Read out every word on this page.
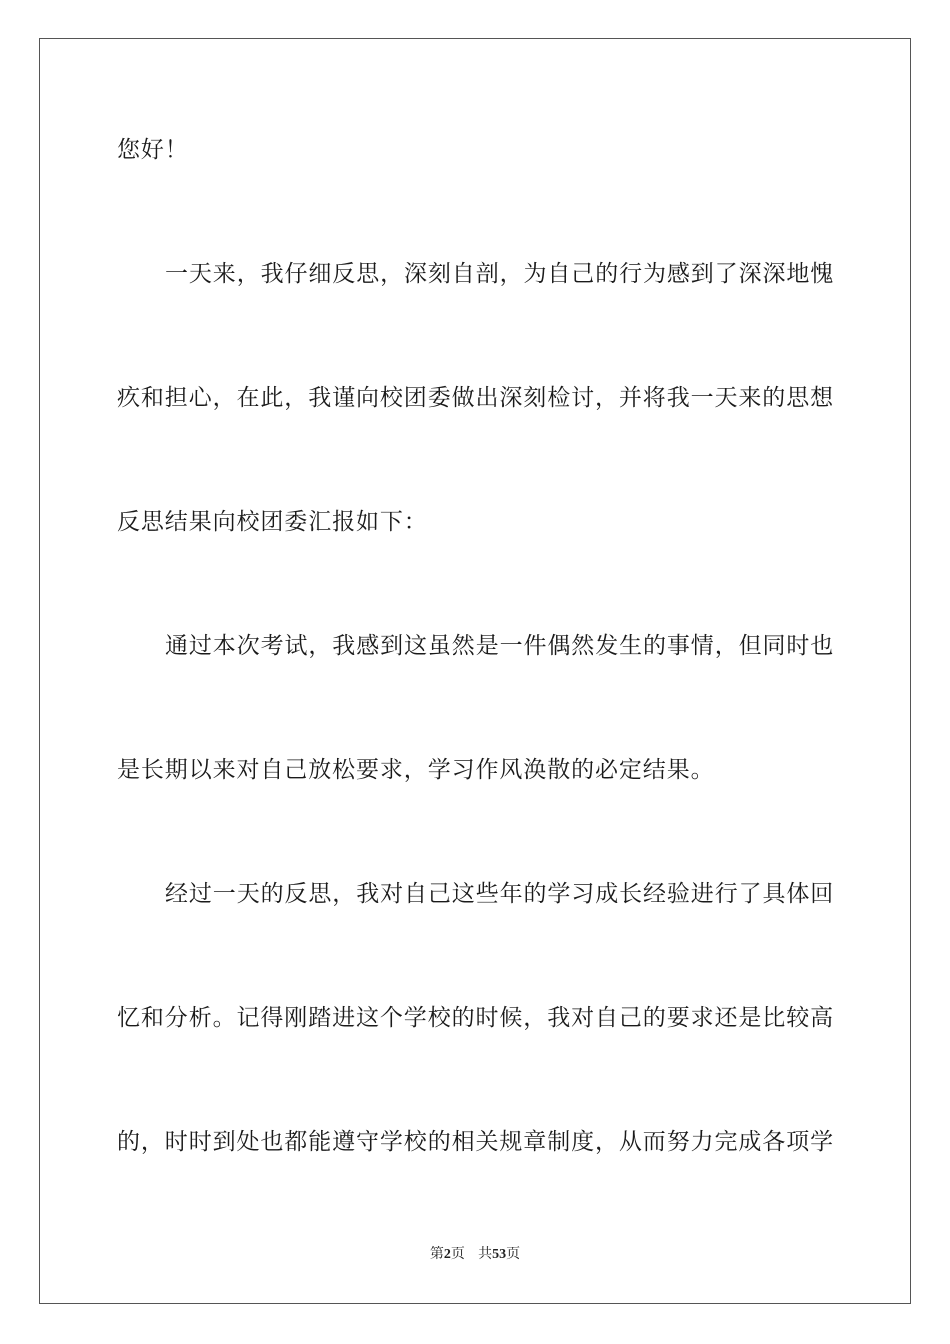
您好！
一天来，我仔细反思，深刻自剖，为自己的行为感到了深深地愧
疚和担心，在此，我谨向校团委做出深刻检讨，并将我一天来的思想
反思结果向校团委汇报如下：
通过本次考试，我感到这虽然是一件偶然发生的事情，但同时也
是长期以来对自己放松要求，学习作风涣散的必定结果。
经过一天的反思，我对自己这些年的学习成长经验进行了具体回
忆和分析。记得刚踏进这个学校的时候，我对自己的要求还是比较高
的，时时到处也都能遵守学校的相关规章制度，从而努力完成各项学
第2页 共53页
